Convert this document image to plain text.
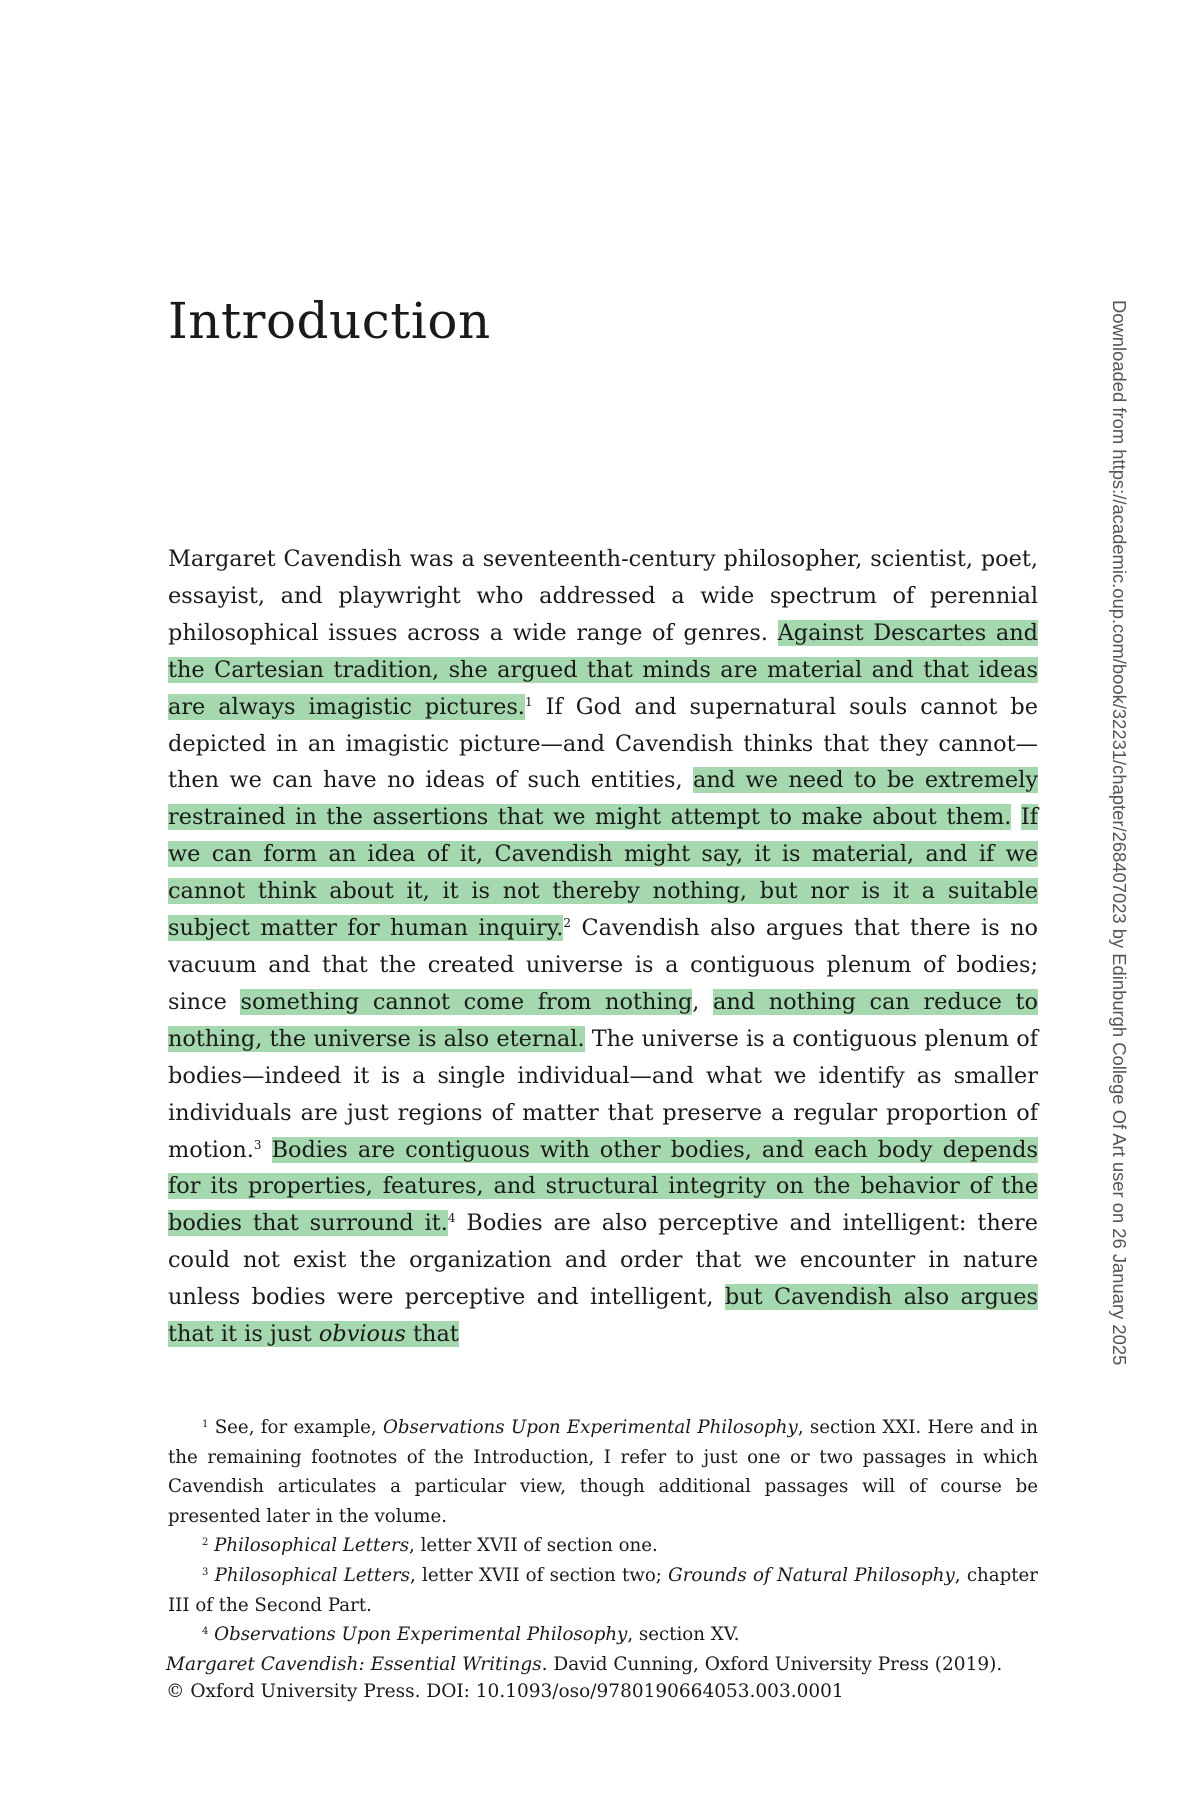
Introduction

Margaret Cavendish was a seventeenth-century philosopher, scientist, poet, essayist, and playwright who addressed a wide spectrum of perennial philosophical issues across a wide range of genres. Against Descartes and the Cartesian tradition, she argued that minds are material and that ideas are always imagistic pictures.$^1$ If God and supernatural souls cannot be depicted in an imagistic picture—and Cavendish thinks that they cannot—then we can have no ideas of such entities, and we need to be extremely restrained in the assertions that we might attempt to make about them. If we can form an idea of it, Cavendish might say, it is material, and if we cannot think about it, it is not thereby nothing, but nor is it a suitable subject matter for human inquiry.$^2$ Cavendish also argues that there is no vacuum and that the created universe is a contiguous plenum of bodies; since something cannot come from nothing, and nothing can reduce to nothing, the universe is also eternal. The universe is a contiguous plenum of bodies—indeed it is a single individual—and what we identify as smaller individuals are just regions of matter that preserve a regular proportion of motion.$^3$ Bodies are contiguous with other bodies, and each body depends for its properties, features, and structural integrity on the behavior of the bodies that surround it.$^4$ Bodies are also perceptive and intelligent: there could not exist the organization and order that we encounter in nature unless bodies were perceptive and intelligent, but Cavendish also argues that it is just obvious that

$^1$ See, for example, Observations Upon Experimental Philosophy, section XXI. Here and in the remaining footnotes of the Introduction, I refer to just one or two passages in which Cavendish articulates a particular view, though additional passages will of course be presented later in the volume.

$^2$ Philosophical Letters, letter XVII of section one.

$^3$ Philosophical Letters, letter XVII of section two; Grounds of Natural Philosophy, chapter III of the Second Part.

$^4$ Observations Upon Experimental Philosophy, section XV.

Margaret Cavendish: Essential Writings. David Cunning, Oxford University Press (2019).

© Oxford University Press. DOI: 10.1093/oso/9780190664053.003.0001

Downloaded from https://academic.oup.com/book/32231/chapter/268407023 by Edinburgh College Of Art user on 26 January 2025
